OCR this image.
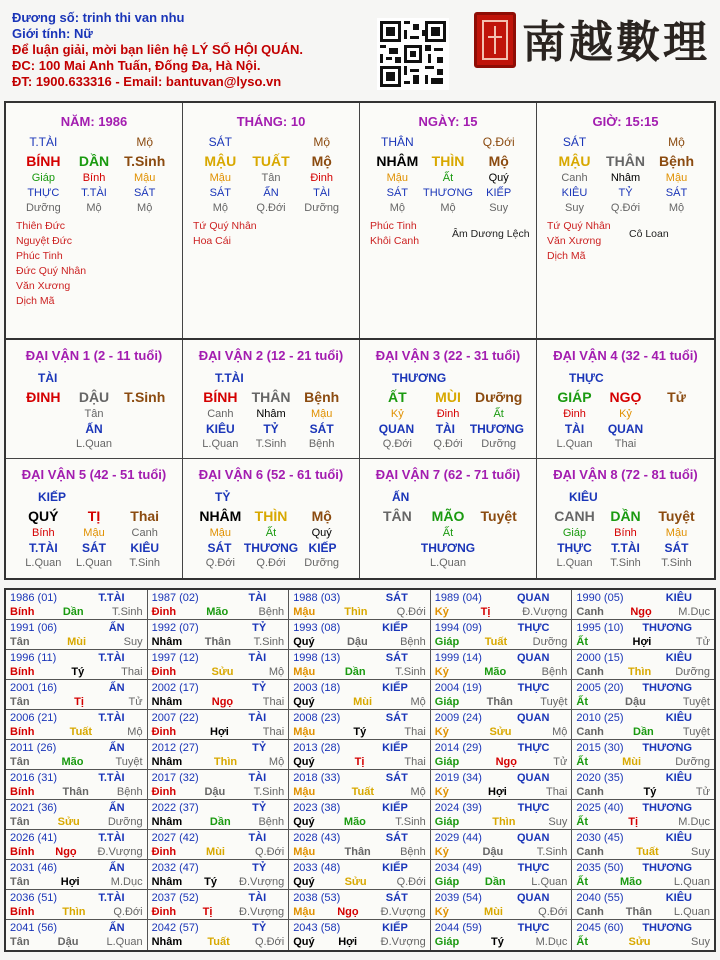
Đương số: trinh thi van nhu
Giới tính: Nữ
Để luận giải, mời bạn liên hệ LÝ SỐ HỘI QUÁN.
ĐC: 100 Mai Anh Tuấn, Đống Đa, Hà Nội.
ĐT: 1900.633316 - Email: bantuvan@lyso.vn
南越數理
NĂM: 1986
T.TÀI	Mộ
BÍNH	DẦN	T.Sinh
Giáp	Bính	Mậu
THỰC	T.TÀI	SÁT
Dưỡng	Mộ	Mộ
Thiên Đức
Nguyệt Đức
Phúc Tinh
Đức Quý Nhân
Văn Xương
Dịch Mã
THÁNG: 10
SÁT	Mộ
MẬU	TUẤT	Mộ
Mậu	Tân	Đinh
SÁT	ẤN	TÀI
Mộ	Q.Đới	Dưỡng
Tứ Quý Nhân
Hoa Cái
NGÀY: 15
THÂN	Q.Đới
NHÂM THÌN	Mộ
Mậu	Ất	Quý
SÁT	THƯƠNG	KIẾP
Mộ	Mộ	Suy
Phúc Tinh
Khôi Canh
Âm Dương Lệch
GIỜ: 15:15
SÁT	Mộ
MẬU	THÂN	Bệnh
Canh	Nhâm	Mậu
KIÊU	TỶ	SÁT
Suy	Q.Đới	Mộ
Tứ Quý Nhân
Văn Xương
Dịch Mã
Cô Loan
ĐẠI VẬN 1 (2 - 11 tuổi)
TÀI
ĐINH	DẬU	T.Sinh
Tân
ẤN
L.Quan
ĐẠI VẬN 2 (12 - 21 tuổi)
T.TÀI
BÍNH	THÂN Bệnh
Canh	Nhâm	Mậu
KIÊU	TỶ	SÁT
L.Quan	T.Sinh	Bệnh
ĐẠI VẬN 3 (22 - 31 tuổi)
THƯƠNG
ẤT	MÙI	Dưỡng
Kỷ	Đinh	Ất
QUAN	TÀI	THƯƠNG
Q.Đới	Q.Đới	Dưỡng
ĐẠI VẬN 4 (32 - 41 tuổi)
THỰC
GIÁP	NGỌ	Tử
Đinh	Kỷ
TÀI	QUAN
L.Quan	Thai
ĐẠI VẬN 5 (42 - 51 tuổi)
KIẾP
QUÝ	TỊ	Thai
Bính	Mậu	Canh
T.TÀI	SÁT	KIÊU
L.Quan	L.Quan	T.Sinh
ĐẠI VẬN 6 (52 - 61 tuổi)
TỶ
NHÂM THÌN	Mộ
Mậu	Ất	Quý
SÁT	THƯƠNG KIẾP
Q.Đới	Q.Đới	Dưỡng
ĐẠI VẬN 7 (62 - 71 tuổi)
ẤN
TÂN	MÃO	Tuyệt
Ất
THƯƠNG
L.Quan
ĐẠI VẬN 8 (72 - 81 tuổi)
KIÊU
CANH	DẦN	Tuyệt
Giáp	Bính	Mậu
THỰC	T.TÀI	SÁT
L.Quan	T.Sinh	T.Sinh
1986 (01)	T.TÀI
Bính	Dần	T.Sinh
1987 (02)	TÀI
Đinh	Mão	Bệnh
1988 (03)	SÁT
Mậu	Thìn	Q.Đới
1989 (04)	QUAN
Kỷ	Tị	Đ.Vượng
1990 (05)	KIÊU
Canh Ngọ M.Dục
1991 (06)	ẤN
Tân	Mùi	Suy
1992 (07)	TỶ
Nhâm Thân T.Sinh
1993 (08)	KIẾP
Quý	Dậu	Bệnh
1994 (09)	THỰC
Giáp Tuất Dưỡng
1995 (10) THƯƠNG
Ất	Hợi	Tử
1996 (11)	T.TÀI
Bính	Tý	Thai
1997 (12)	TÀI
Đinh	Sửu	Mộ
1998 (13)	SÁT
Mậu	Dần	T.Sinh
1999 (14)	QUAN
Kỷ	Mão	Bệnh
2000 (15)	KIÊU
Canh Thìn Dưỡng
2001 (16)	ẤN
Tân	Tị	Tử
2002 (17)	TỶ
Nhâm	Ngọ	Thai
2003 (18)	KIẾP
Quý	Mùi	Mộ
2004 (19)	THỰC
Giáp Thân Tuyệt
2005 (20) THƯƠNG
Ất	Dậu	Tuyệt
2006 (21)	T.TÀI
Bính	Tuất	Mộ
2007 (22)	TÀI
Đinh	Hợi	Thai
2008 (23)	SÁT
Mậu	Tý	Thai
2009 (24)	QUAN
Kỷ	Sửu	Mộ
2010 (25)	KIÊU
Canh	Dần	Tuyệt
2011 (26)	ẤN
Tân	Mão	Tuyệt
2012 (27)	TỶ
Nhâm	Thìn	Mộ
2013 (28)	KIẾP
Quý	Tị	Thai
2014 (29)	THỰC
Giáp	Ngọ	Tử
2015 (30) THƯƠNG
Ất	Mùi	Dưỡng
2016 (31)	T.TÀI
Bính	Thân	Bệnh
2017 (32)	TÀI
Đinh	Dậu	T.Sinh
2018 (33)	SÁT
Mậu	Tuất	Mộ
2019 (34)	QUAN
Kỷ	Hợi	Thai
2020 (35)	KIÊU
Canh	Tý	Tử
2021 (36)	ẤN
Tân	Sửu	Dưỡng
2022 (37)	TỶ
Nhâm	Dần	Bệnh
2023 (38)	KIẾP
Quý	Mão	T.Sinh
2024 (39)	THỰC
Giáp	Thìn	Suy
2025 (40) THƯƠNG
Ất	Tị	M.Dục
2026 (41)	T.TÀI
Bính Ngọ Đ.Vượng
2027 (42)	TÀI
Đinh	Mùi	Q.Đới
2028 (43)	SÁT
Mậu	Thân	Bệnh
2029 (44)	QUAN
Kỷ	Dậu	T.Sinh
2030 (45)	KIÊU
Canh	Tuất	Suy
2031 (46)	ẤN
Tân	Hợi	M.Dục
2032 (47)	TỶ
Nhâm Tý Đ.Vượng
2033 (48)	KIẾP
Quý	Sửu	Q.Đới
2034 (49)	THỰC
Giáp Dần L.Quan
2035 (50) THƯƠNG
Ất	Mão	L.Quan
2036 (51)	T.TÀI
Bính	Thìn	Q.Đới
2037 (52)	TÀI
Đinh Tị Đ.Vượng
2038 (53)	SÁT
Mậu Ngọ Đ.Vượng
2039 (54)	QUAN
Kỷ	Mùi	Q.Đới
2040 (55)	KIÊU
Canh Thân L.Quan
2041 (56)	ẤN
Tân	Dậu	L.Quan
2042 (57)	TỶ
Nhâm Tuất Q.Đới
2043 (58)	KIẾP
Quý Hợi Đ.Vượng
2044 (59)	THỰC
Giáp	Tý	M.Dục
2045 (60) THƯƠNG
Ất	Sửu	Suy
